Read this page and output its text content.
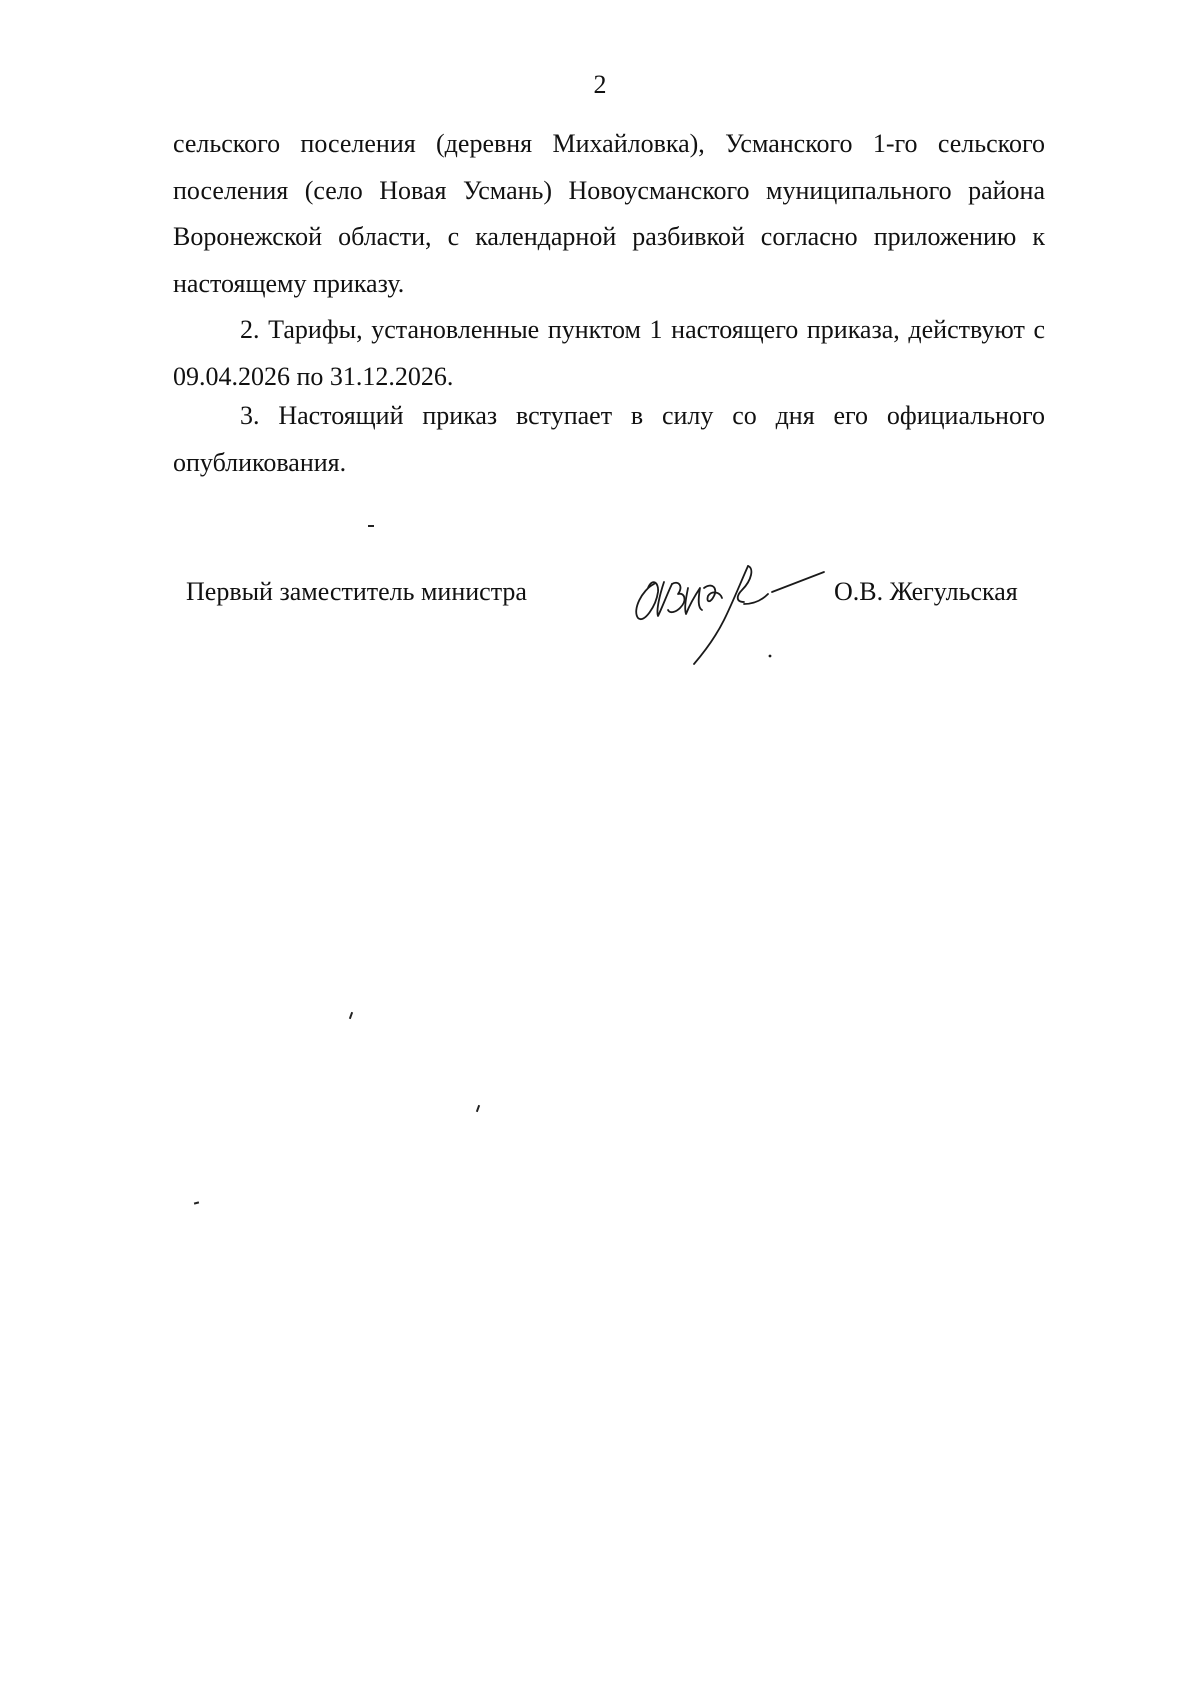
2
сельского поселения (деревня Михайловка), Усманского 1-го сельского
поселения (село Новая Усмань) Новоусманского муниципального района
Воронежской области, с календарной разбивкой согласно приложению к
настоящему приказу.
2. Тарифы, установленные пунктом 1 настоящего приказа, действуют с
09.04.2026 по 31.12.2026.
3. Настоящий приказ вступает в силу со дня его официального
опубликования.
Первый заместитель министра	О.В. Жегульская
